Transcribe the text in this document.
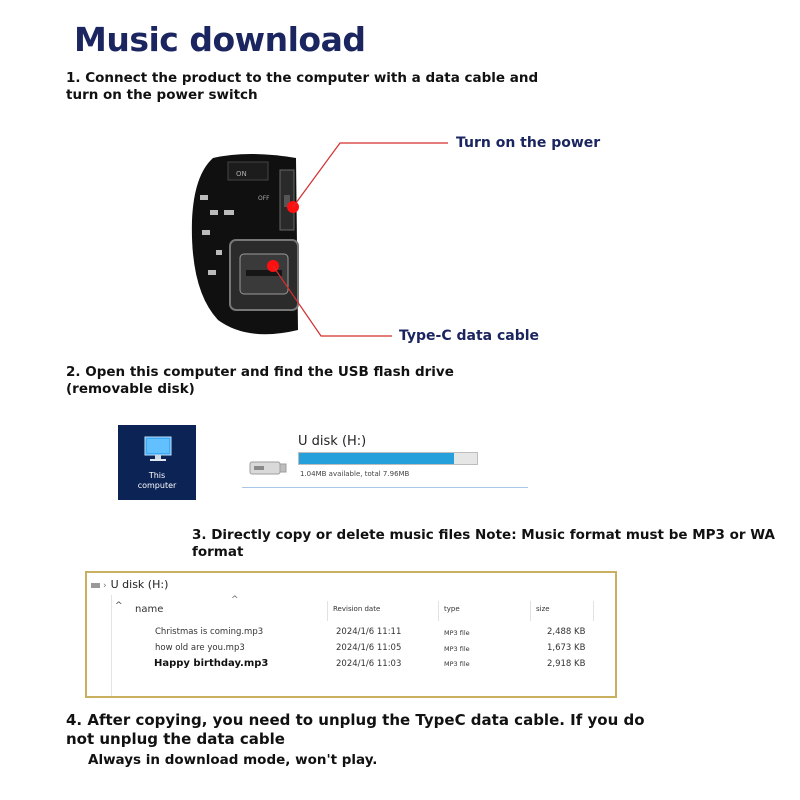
Music download
1. Connect the product to the computer with a data cable and turn on the power switch
ON
OFF
Turn on the power
Type-C data cable
2. Open this computer and find the USB flash drive (removable disk)
This
computer
U disk (H:)
1.04MB available, total 7.96MB
3. Directly copy or delete music files Note: Music format must be MP3 or WA format
› U disk (H:)
^
^
name	Revision date	type	size
Christmas is coming.mp3	2024/1/6 11:11	MP3 file	2,488 KB
how old are you.mp3	2024/1/6 11:05	MP3 file	1,673 KB
Happy birthday.mp3	2024/1/6 11:03	MP3 file	2,918 KB
4. After copying, you need to unplug the TypeC data cable. If you do not unplug the data cable
Always in download mode, won't play.
